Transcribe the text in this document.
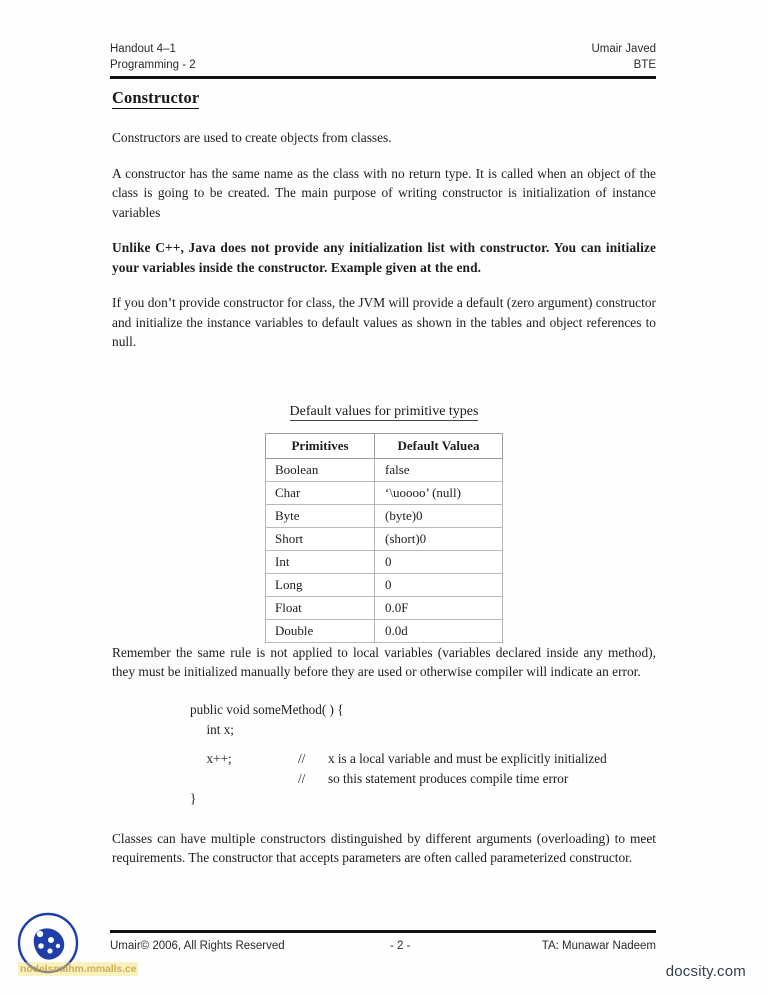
Handout 4–1	Umair Javed
Programming - 2	BTE
Constructor

Constructors are used to create objects from classes.

A constructor has the same name as the class with no return type. It is called when an object of the class is going to be created. The main purpose of writing constructor is initialization of instance variables

Unlike C++, Java does not provide any initialization list with constructor. You can initialize your variables inside the constructor. Example given at the end.

If you don’t provide constructor for class, the JVM will provide a default (zero argument) constructor and initialize the instance variables to default values as shown in the tables and object references to null.

Default values for primitive types
Primitives	Default Valuea
Boolean	false
Char	‘\uoooo’ (null)
Byte	(byte)0
Short	(short)0
Int	0
Long	0
Float	0.0F
Double	0.0d

Remember the same rule is not applied to local variables (variables declared inside any method), they must be initialized manually before they are used or otherwise compiler will indicate an error.

public void someMethod( ) {
int x;
x++;	//	x is a local variable and must be explicitly initialized
//	so this statement produces compile time error
}

Classes can have multiple constructors distinguished by different arguments (overloading) to meet requirements. The constructor that accepts parameters are often called parameterized constructor.

Umair© 2006, All Rights Reserved	- 2 -	TA: Munawar Nadeem
nodelsmahm.mmalls.ce	docsity.com
